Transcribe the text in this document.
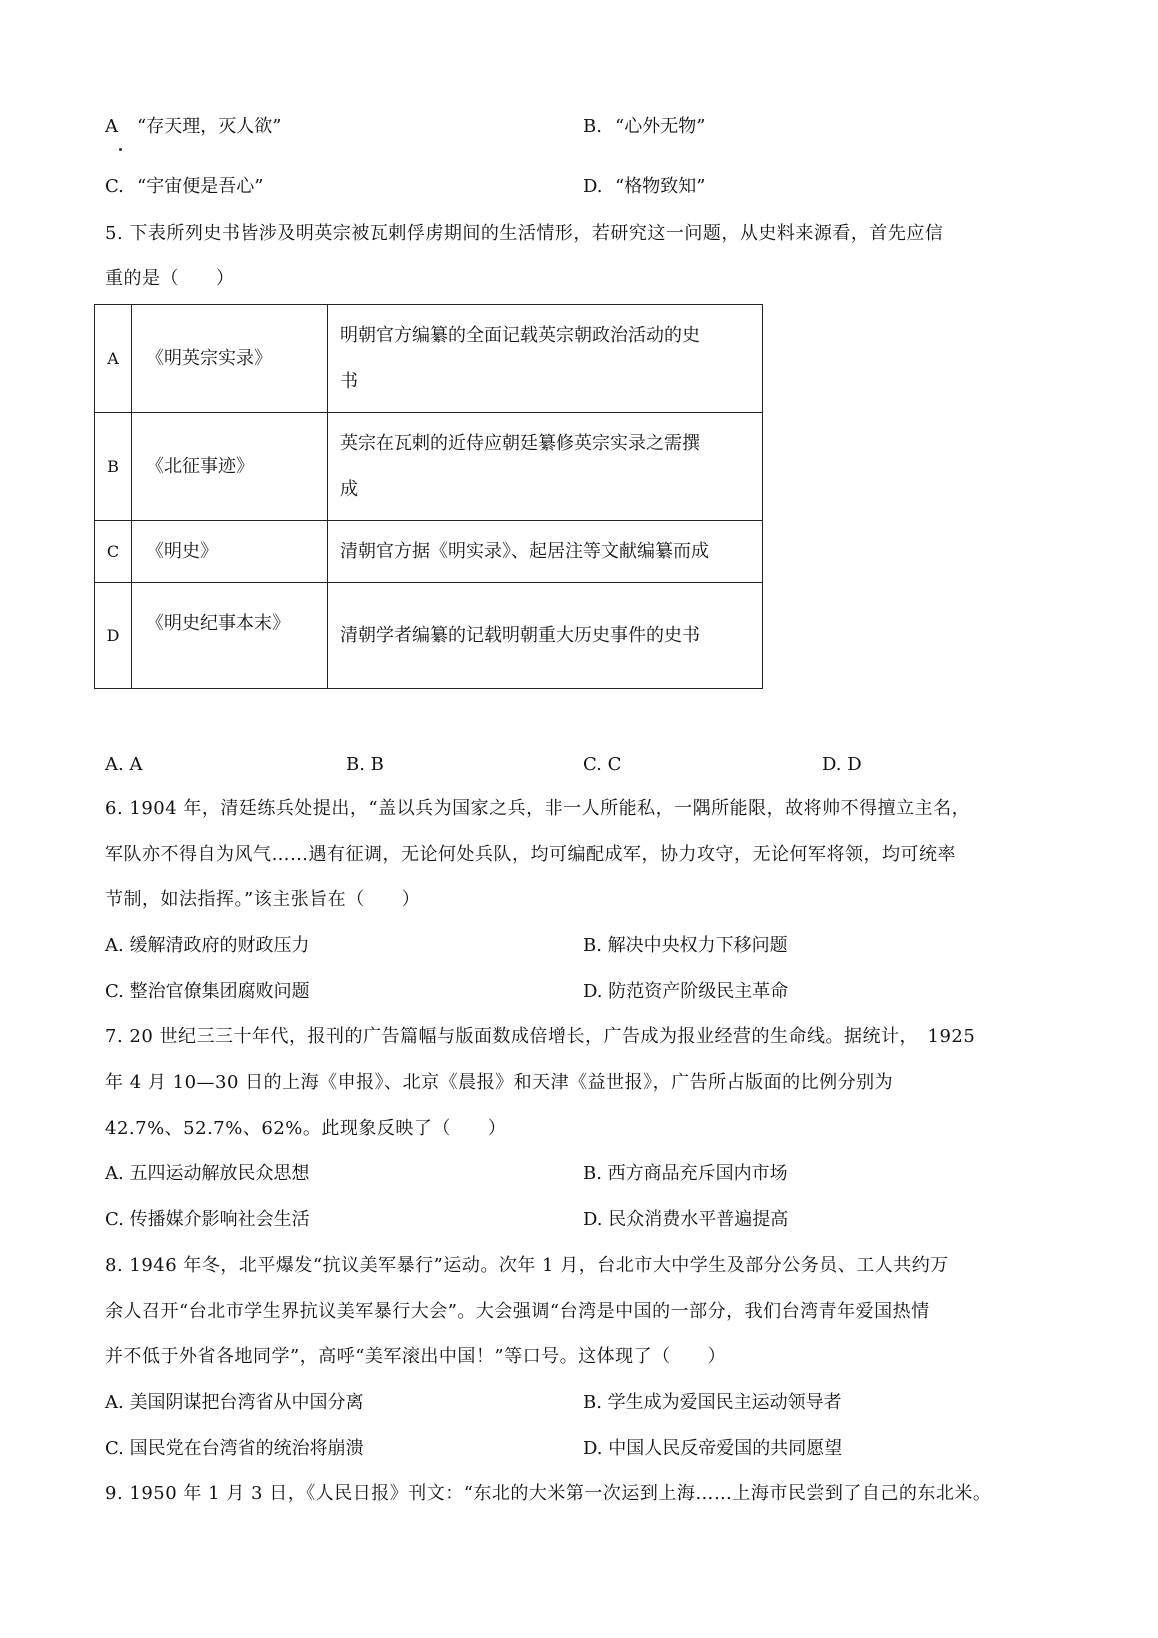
A “存天理，灭人欲”	B. “心外无物”
C. “宇宙便是吾心”	D. “格物致知”
5. 下表所列史书皆涉及明英宗被瓦剌俘虏期间的生活情形，若研究这一问题，从史料来源看，首先应信
重的是（　　）
A	《明英宗实录》	明朝官方编纂的全面记载英宗朝政治活动的史
书

B	《北征事迹》	英宗在瓦剌的近侍应朝廷纂修英宗实录之需撰
成

C	《明史》	清朝官方据《明实录》、起居注等文献编纂而成
D	《明史纪事本末》	清朝学者编纂的记载明朝重大历史事件的史书
A. A	B. B	C. C	D. D
6. 1904 年，清廷练兵处提出，“盖以兵为国家之兵，非一人所能私，一隅所能限，故将帅不得擅立主名，
军队亦不得自为风气……遇有征调，无论何处兵队，均可编配成军，协力攻守，无论何军将领，均可统率
节制，如法指挥。”该主张旨在（　　）
A. 缓解清政府的财政压力	B. 解决中央权力下移问题
C. 整治官僚集团腐败问题	D. 防范资产阶级民主革命
7. 20 世纪三三十年代，报刊的广告篇幅与版面数成倍增长，广告成为报业经营的生命线。据统计，　1925
年 4 月 10—30 日的上海《申报》、北京《晨报》和天津《益世报》，广告所占版面的比例分别为
42.7%、52.7%、62%。此现象反映了（　　）
A. 五四运动解放民众思想	B. 西方商品充斥国内市场
C. 传播媒介影响社会生活	D. 民众消费水平普遍提高
8. 1946 年冬，北平爆发“抗议美军暴行”运动。次年 1 月，台北市大中学生及部分公务员、工人共约万
余人召开“台北市学生界抗议美军暴行大会”。大会强调“台湾是中国的一部分，我们台湾青年爱国热情
并不低于外省各地同学”，高呼“美军滚出中国！”等口号。这体现了（　　）
A. 美国阴谋把台湾省从中国分离	B. 学生成为爱国民主运动领导者
C. 国民党在台湾省的统治将崩溃	D. 中国人民反帝爱国的共同愿望
9. 1950 年 1 月 3 日，《人民日报》刊文：“东北的大米第一次运到上海……上海市民尝到了自己的东北米。
